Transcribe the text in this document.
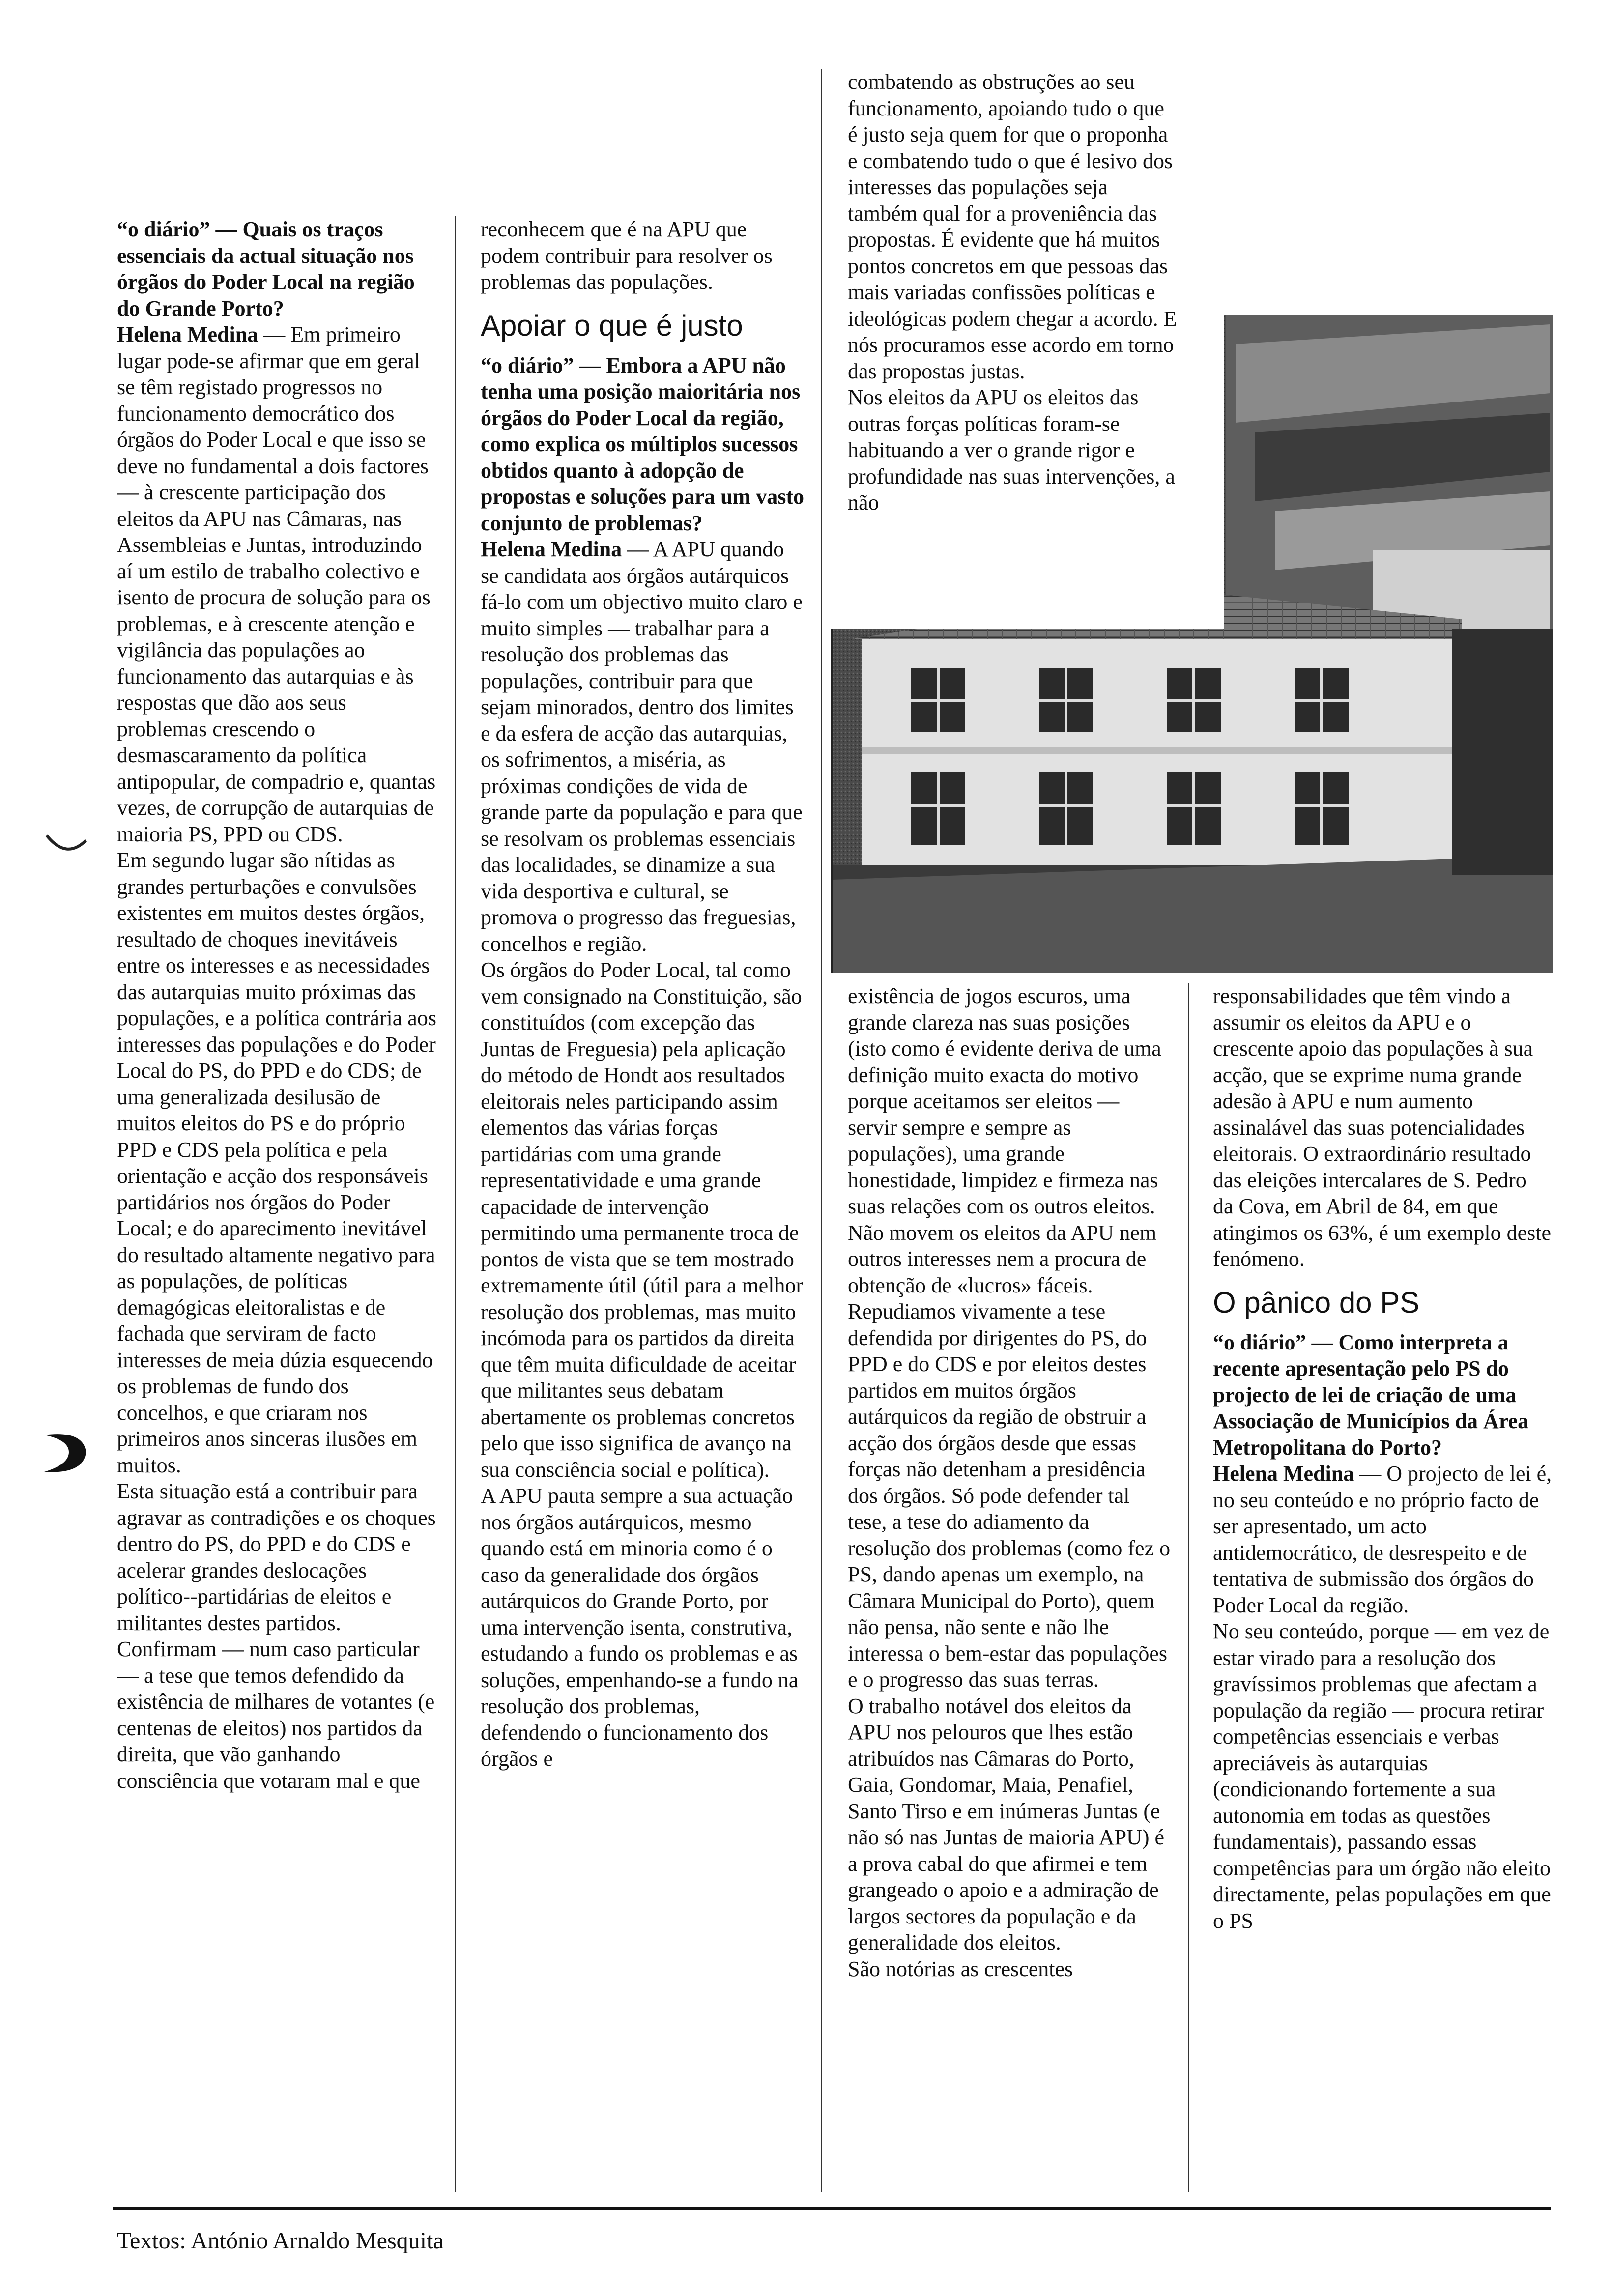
“o diário” — Quais os traços essenciais da actual situação nos órgãos do Poder Local na região do Grande Porto?

Helena Medina — Em primeiro lugar pode-se afirmar que em geral se têm registado progressos no funcionamento democrático dos órgãos do Poder Local e que isso se deve no fundamental a dois factores — à crescente participação dos eleitos da APU nas Câmaras, nas Assembleias e Juntas, introduzindo aí um estilo de trabalho colectivo e isento de procura de solução para os problemas, e à crescente atenção e vigilância das populações ao funcionamento das autarquias e às respostas que dão aos seus problemas crescendo o desmascaramento da política antipopular, de compadrio e, quantas vezes, de corrupção de autarquias de maioria PS, PPD ou CDS.

Em segundo lugar são nítidas as grandes perturbações e convulsões existentes em muitos destes órgãos, resultado de choques inevitáveis entre os interesses e as necessidades das autarquias muito próximas das populações, e a política contrária aos interesses das populações e do Poder Local do PS, do PPD e do CDS; de uma generalizada desilusão de muitos eleitos do PS e do próprio PPD e CDS pela política e pela orientação e acção dos responsáveis partidários nos órgãos do Poder Local; e do aparecimento inevitável do resultado altamente negativo para as populações, de políticas demagógicas eleitoralistas e de fachada que serviram de facto interesses de meia dúzia esquecendo os problemas de fundo dos concelhos, e que criaram nos primeiros anos sinceras ilusões em muitos.

Esta situação está a contribuir para agravar as contradições e os choques dentro do PS, do PPD e do CDS e acelerar grandes deslocações político--partidárias de eleitos e militantes destes partidos. Confirmam — num caso particular — a tese que temos defendido da existência de milhares de votantes (e centenas de eleitos) nos partidos da direita, que vão ganhando consciência que votaram mal e que

reconhecem que é na APU que podem contribuir para resolver os problemas das populações.

Apoiar o que é justo

“o diário” — Embora a APU não tenha uma posição maioritária nos órgãos do Poder Local da região, como explica os múltiplos sucessos obtidos quanto à adopção de propostas e soluções para um vasto conjunto de problemas?

Helena Medina — A APU quando se candidata aos órgãos autárquicos fá-lo com um objectivo muito claro e muito simples — trabalhar para a resolução dos problemas das populações, contribuir para que sejam minorados, dentro dos limites e da esfera de acção das autarquias, os sofrimentos, a miséria, as próximas condições de vida de grande parte da população e para que se resolvam os problemas essenciais das localidades, se dinamize a sua vida desportiva e cultural, se promova o progresso das freguesias, concelhos e região.

Os órgãos do Poder Local, tal como vem consignado na Constituição, são constituídos (com excepção das Juntas de Freguesia) pela aplicação do método de Hondt aos resultados eleitorais neles participando assim elementos das várias forças partidárias com uma grande representatividade e uma grande capacidade de intervenção permitindo uma permanente troca de pontos de vista que se tem mostrado extremamente útil (útil para a melhor resolução dos problemas, mas muito incómoda para os partidos da direita que têm muita dificuldade de aceitar que militantes seus debatam abertamente os problemas concretos pelo que isso significa de avanço na sua consciência social e política).

A APU pauta sempre a sua actuação nos órgãos autárquicos, mesmo quando está em minoria como é o caso da generalidade dos órgãos autárquicos do Grande Porto, por uma intervenção isenta, construtiva, estudando a fundo os problemas e as soluções, empenhando-se a fundo na resolução dos problemas, defendendo o funcionamento dos órgãos e

combatendo as obstruções ao seu funcionamento, apoiando tudo o que é justo seja quem for que o proponha e combatendo tudo o que é lesivo dos interesses das populações seja também qual for a proveniência das propostas. É evidente que há muitos pontos concretos em que pessoas das mais variadas confissões políticas e ideológicas podem chegar a acordo. E nós procuramos esse acordo em torno das propostas justas.

Nos eleitos da APU os eleitos das outras forças políticas foram-se habituando a ver o grande rigor e profundidade nas suas intervenções, a não

existência de jogos escuros, uma grande clareza nas suas posições (isto como é evidente deriva de uma definição muito exacta do motivo porque aceitamos ser eleitos — servir sempre e sempre as populações), uma grande honestidade, limpidez e firmeza nas suas relações com os outros eleitos. Não movem os eleitos da APU nem outros interesses nem a procura de obtenção de «lucros» fáceis. Repudiamos vivamente a tese defendida por dirigentes do PS, do PPD e do CDS e por eleitos destes partidos em muitos órgãos autárquicos da região de obstruir a acção dos órgãos desde que essas forças não detenham a presidência dos órgãos. Só pode defender tal tese, a tese do adiamento da resolução dos problemas (como fez o PS, dando apenas um exemplo, na Câmara Municipal do Porto), quem não pensa, não sente e não lhe interessa o bem-estar das populações e o progresso das suas terras.

O trabalho notável dos eleitos da APU nos pelouros que lhes estão atribuídos nas Câmaras do Porto, Gaia, Gondomar, Maia, Penafiel, Santo Tirso e em inúmeras Juntas (e não só nas Juntas de maioria APU) é a prova cabal do que afirmei e tem grangeado o apoio e a admiração de largos sectores da população e da generalidade dos eleitos.

São notórias as crescentes

responsabilidades que têm vindo a assumir os eleitos da APU e o crescente apoio das populações à sua acção, que se exprime numa grande adesão à APU e num aumento assinalável das suas potencialidades eleitorais. O extraordinário resultado das eleições intercalares de S. Pedro da Cova, em Abril de 84, em que atingimos os 63%, é um exemplo deste fenómeno.

O pânico do PS

“o diário” — Como interpreta a recente apresentação pelo PS do projecto de lei de criação de uma Associação de Municípios da Área Metropolitana do Porto?

Helena Medina — O projecto de lei é, no seu conteúdo e no próprio facto de ser apresentado, um acto antidemocrático, de desrespeito e de tentativa de submissão dos órgãos do Poder Local da região.

No seu conteúdo, porque — em vez de estar virado para a resolução dos gravíssimos problemas que afectam a população da região — procura retirar competências essenciais e verbas apreciáveis às autarquias (condicionando fortemente a sua autonomia em todas as questões fundamentais), passando essas competências para um órgão não eleito directamente, pelas populações em que o PS

Textos: António Arnaldo Mesquita
